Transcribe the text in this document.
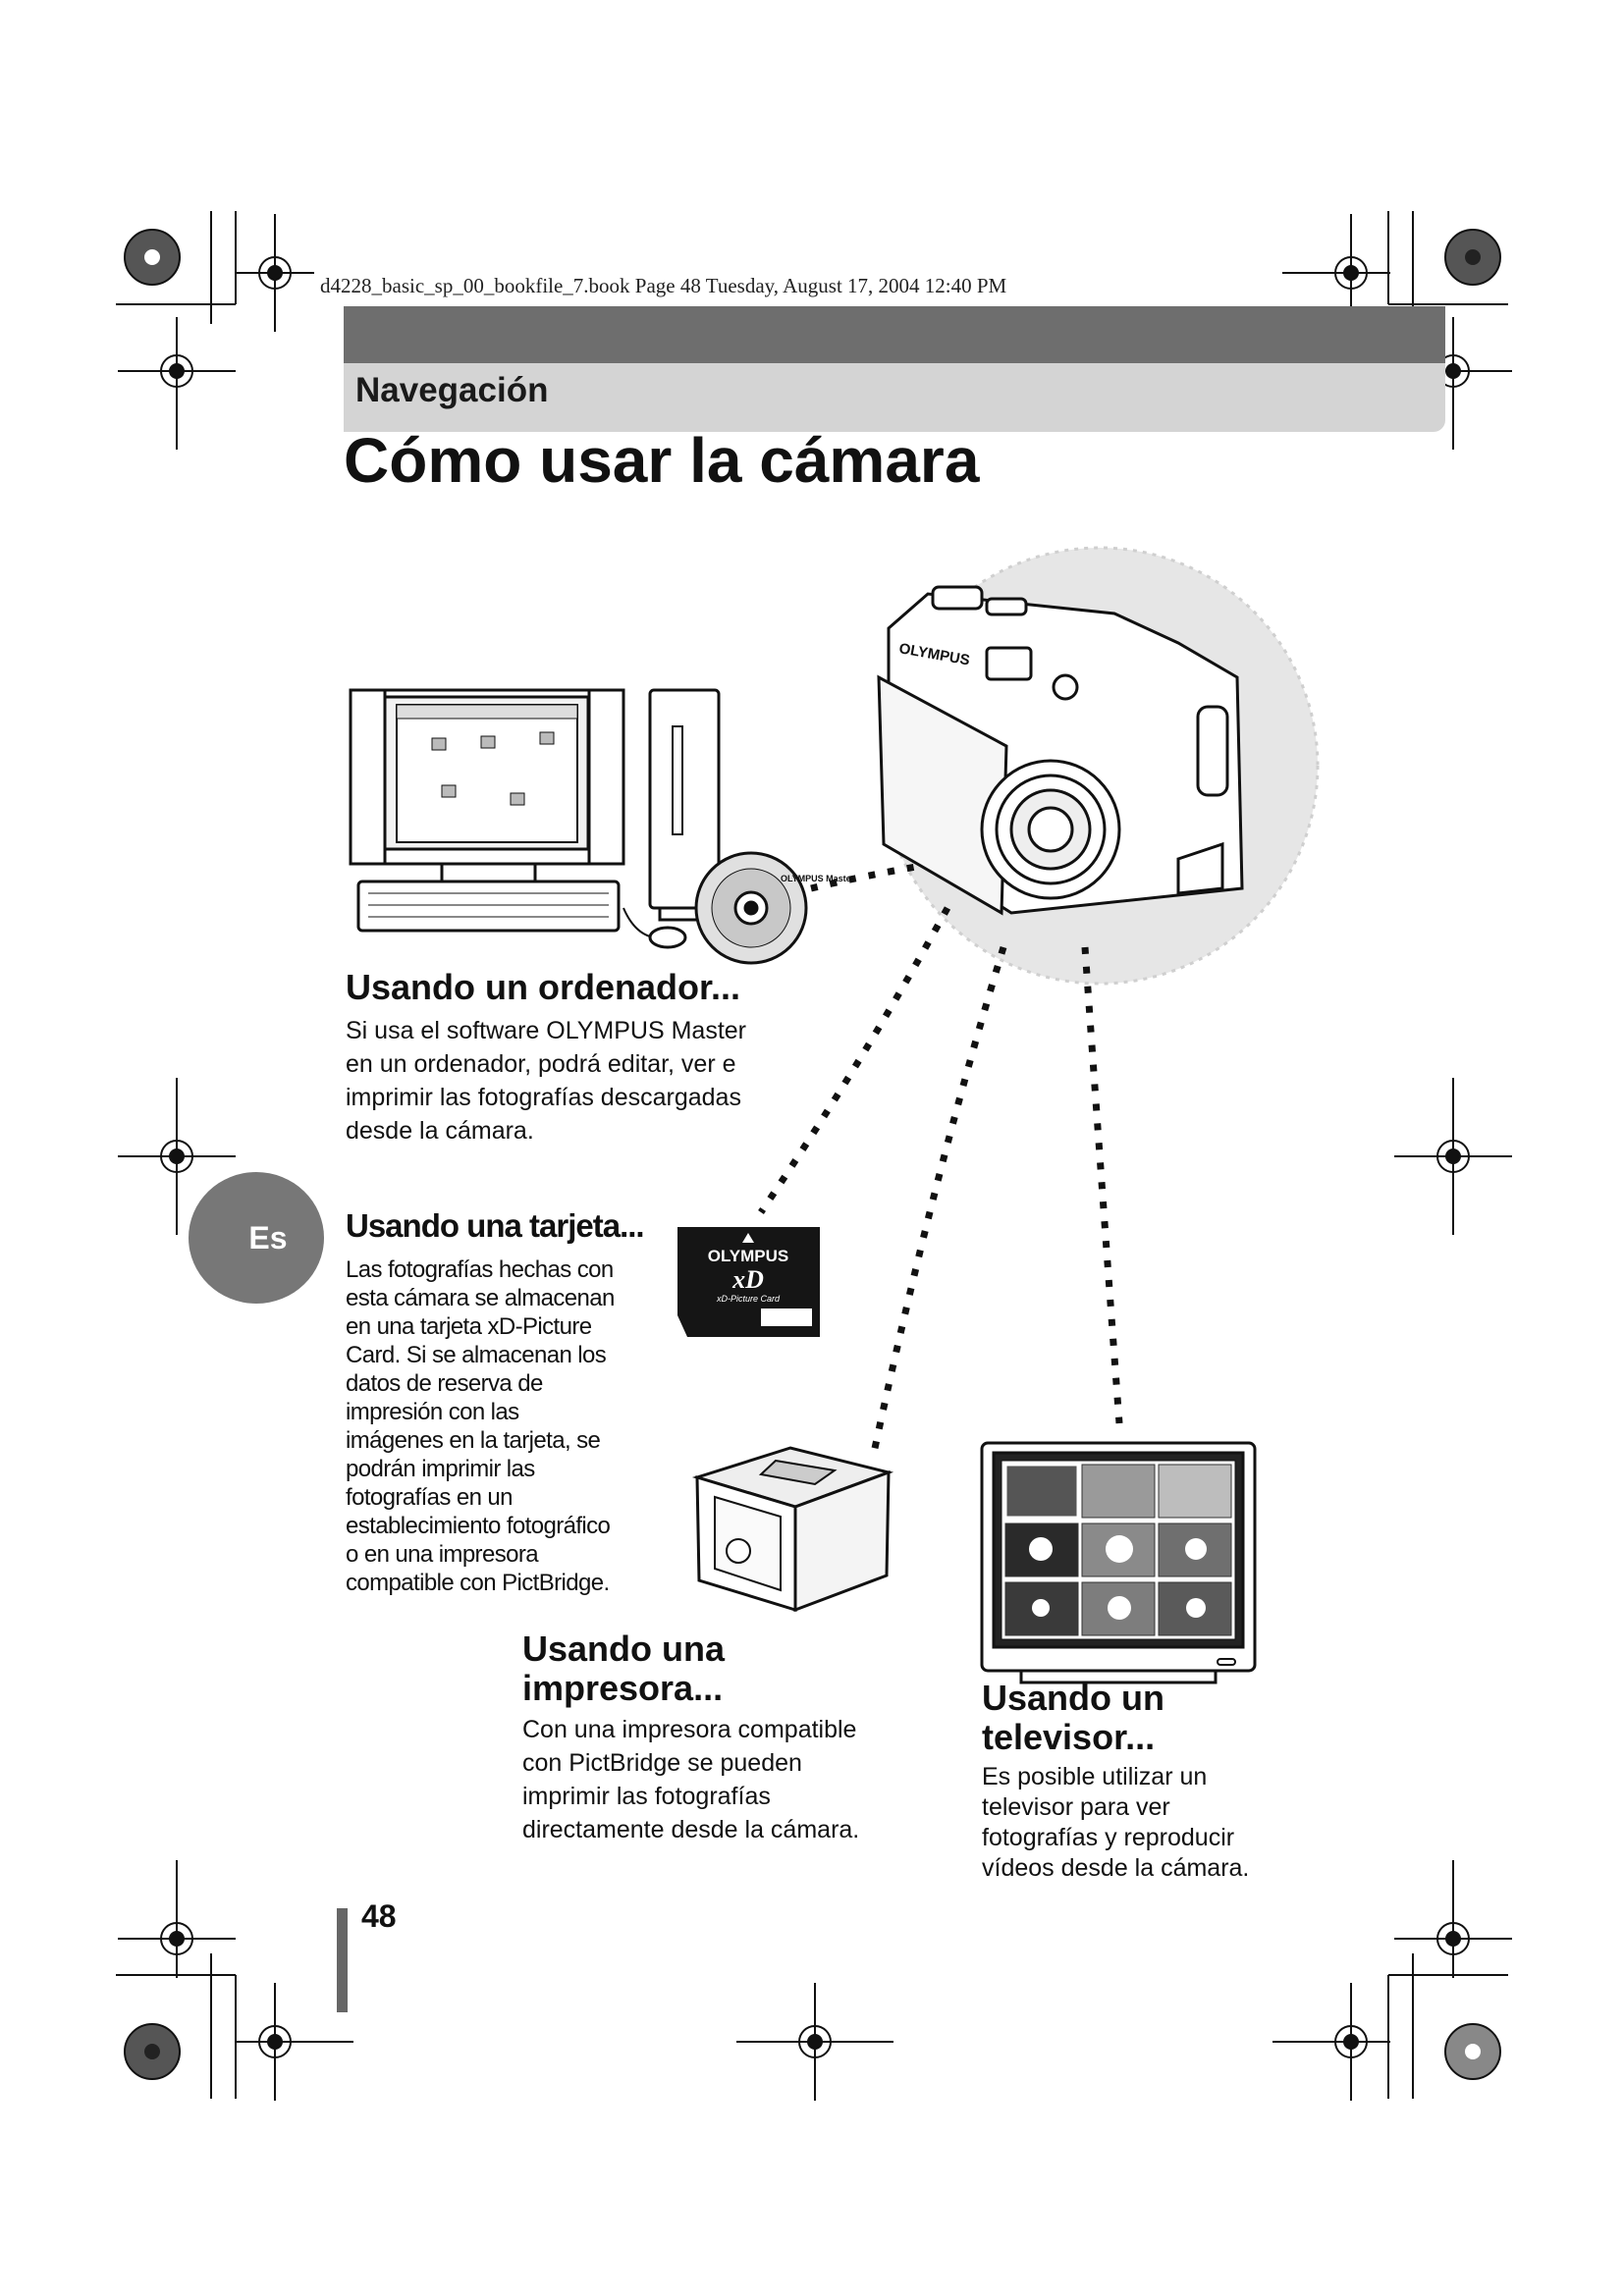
d4228_basic_sp_00_bookfile_7.book Page 48 Tuesday, August 17, 2004 12:40 PM
Navegación
Cómo usar la cámara
OLYMPUS
OLYMPUS Master
OLYMPUS
xD
xD-Picture Card
Usando un ordenador...
Si usa el software OLYMPUS Master
en un ordenador, podrá editar, ver e
imprimir las fotografías descargadas
desde la cámara.
Es Usando una tarjeta...
Las fotografías hechas con
esta cámara se almacenan
en una tarjeta xD-Picture
Card. Si se almacenan los
datos de reserva de
impresión con las
imágenes en la tarjeta, se
podrán imprimir las
fotografías en un
establecimiento fotográfico
o en una impresora
compatible con PictBridge.
Usando una
impresora...
Con una impresora compatible
con PictBridge se pueden
imprimir las fotografías
directamente desde la cámara.
Usando un
televisor...
Es posible utilizar un
televisor para ver
fotografías y reproducir
vídeos desde la cámara.
48
